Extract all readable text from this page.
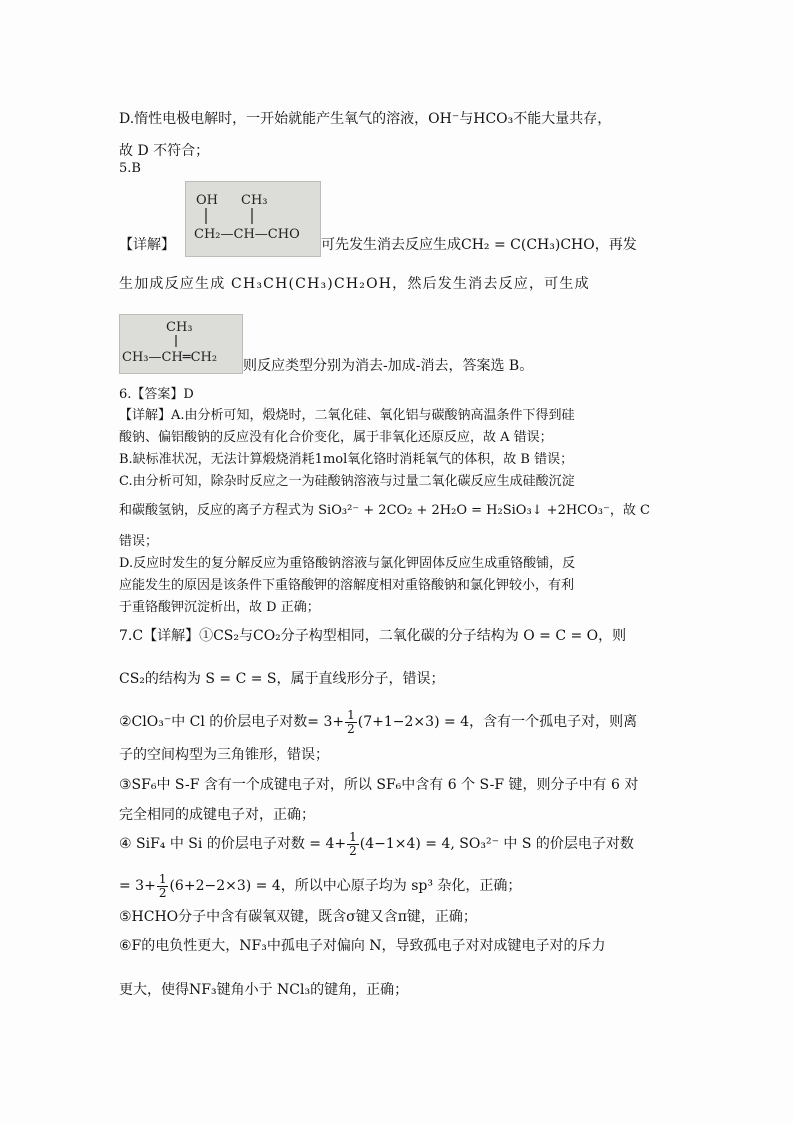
D.惰性电极电解时，一开始就能产生氧气的溶液，OH⁻与HCO₃不能大量共存，
故 D 不符合；
5.B
OH CH₃
CH₂—CH—CHO
【详解】	可先发生消去反应生成CH₂ = C(CH₃)CHO，再发
生加成反应生成 CH₃CH(CH₃)CH₂OH，然后发生消去反应，可生成
CH₃
CH₃—CH═CH₂
则反应类型分别为消去-加成-消去，答案选 B。
6.【答案】D
【详解】A.由分析可知，煅烧时，二氧化硅、氧化铝与碳酸钠高温条件下得到硅
酸钠、偏铝酸钠的反应没有化合价变化，属于非氧化还原反应，故 A 错误；
B.缺标准状况，无法计算煅烧消耗1mol氧化铬时消耗氧气的体积，故 B 错误；
C.由分析可知，除杂时反应之一为硅酸钠溶液与过量二氧化碳反应生成硅酸沉淀
和碳酸氢钠，反应的离子方程式为 SiO₃²⁻ + 2CO₂ + 2H₂O = H₂SiO₃↓ +2HCO₃⁻，故 C
错误；
D.反应时发生的复分解反应为重铬酸钠溶液与氯化钾固体反应生成重铬酸铺，反
应能发生的原因是该条件下重铬酸钾的溶解度相对重铬酸钠和氯化钾较小，有利
于重铬酸钾沉淀析出，故 D 正确；
7.C【详解】①CS₂与CO₂分子构型相同，二氧化碳的分子结构为 O = C = O，则
CS₂的结构为 S = C = S，属于直线形分子，错误；
②ClO₃⁻中 Cl 的价层电子对数= $3+ \frac{1}{2} (7+1-2\times 3) = 4$，含有一个孤电子对，则离
子的空间构型为三角锥形，错误；
③SF₆中 S-F 含有一个成键电子对，所以 SF₆中含有 6 个 S-F 键，则分子中有 6 对
完全相同的成键电子对，正确；
④ SiF₄ 中 Si 的价层电子对数 = $4+ \frac{1}{2} (4-1\times 4) = 4$, SO₃²⁻ 中 S 的价层电子对数
= $3+ \frac{1}{2} (6+2-2\times 3) = 4$，所以中心原子均为 sp³ 杂化，正确；
⑤HCHO分子中含有碳氧双键，既含σ键又含π键，正确；
⑥F的电负性更大，NF₃中孤电子对偏向 N，导致孤电子对对成键电子对的斥力
更大，使得NF₃键角小于 NCl₃的键角，正确；
